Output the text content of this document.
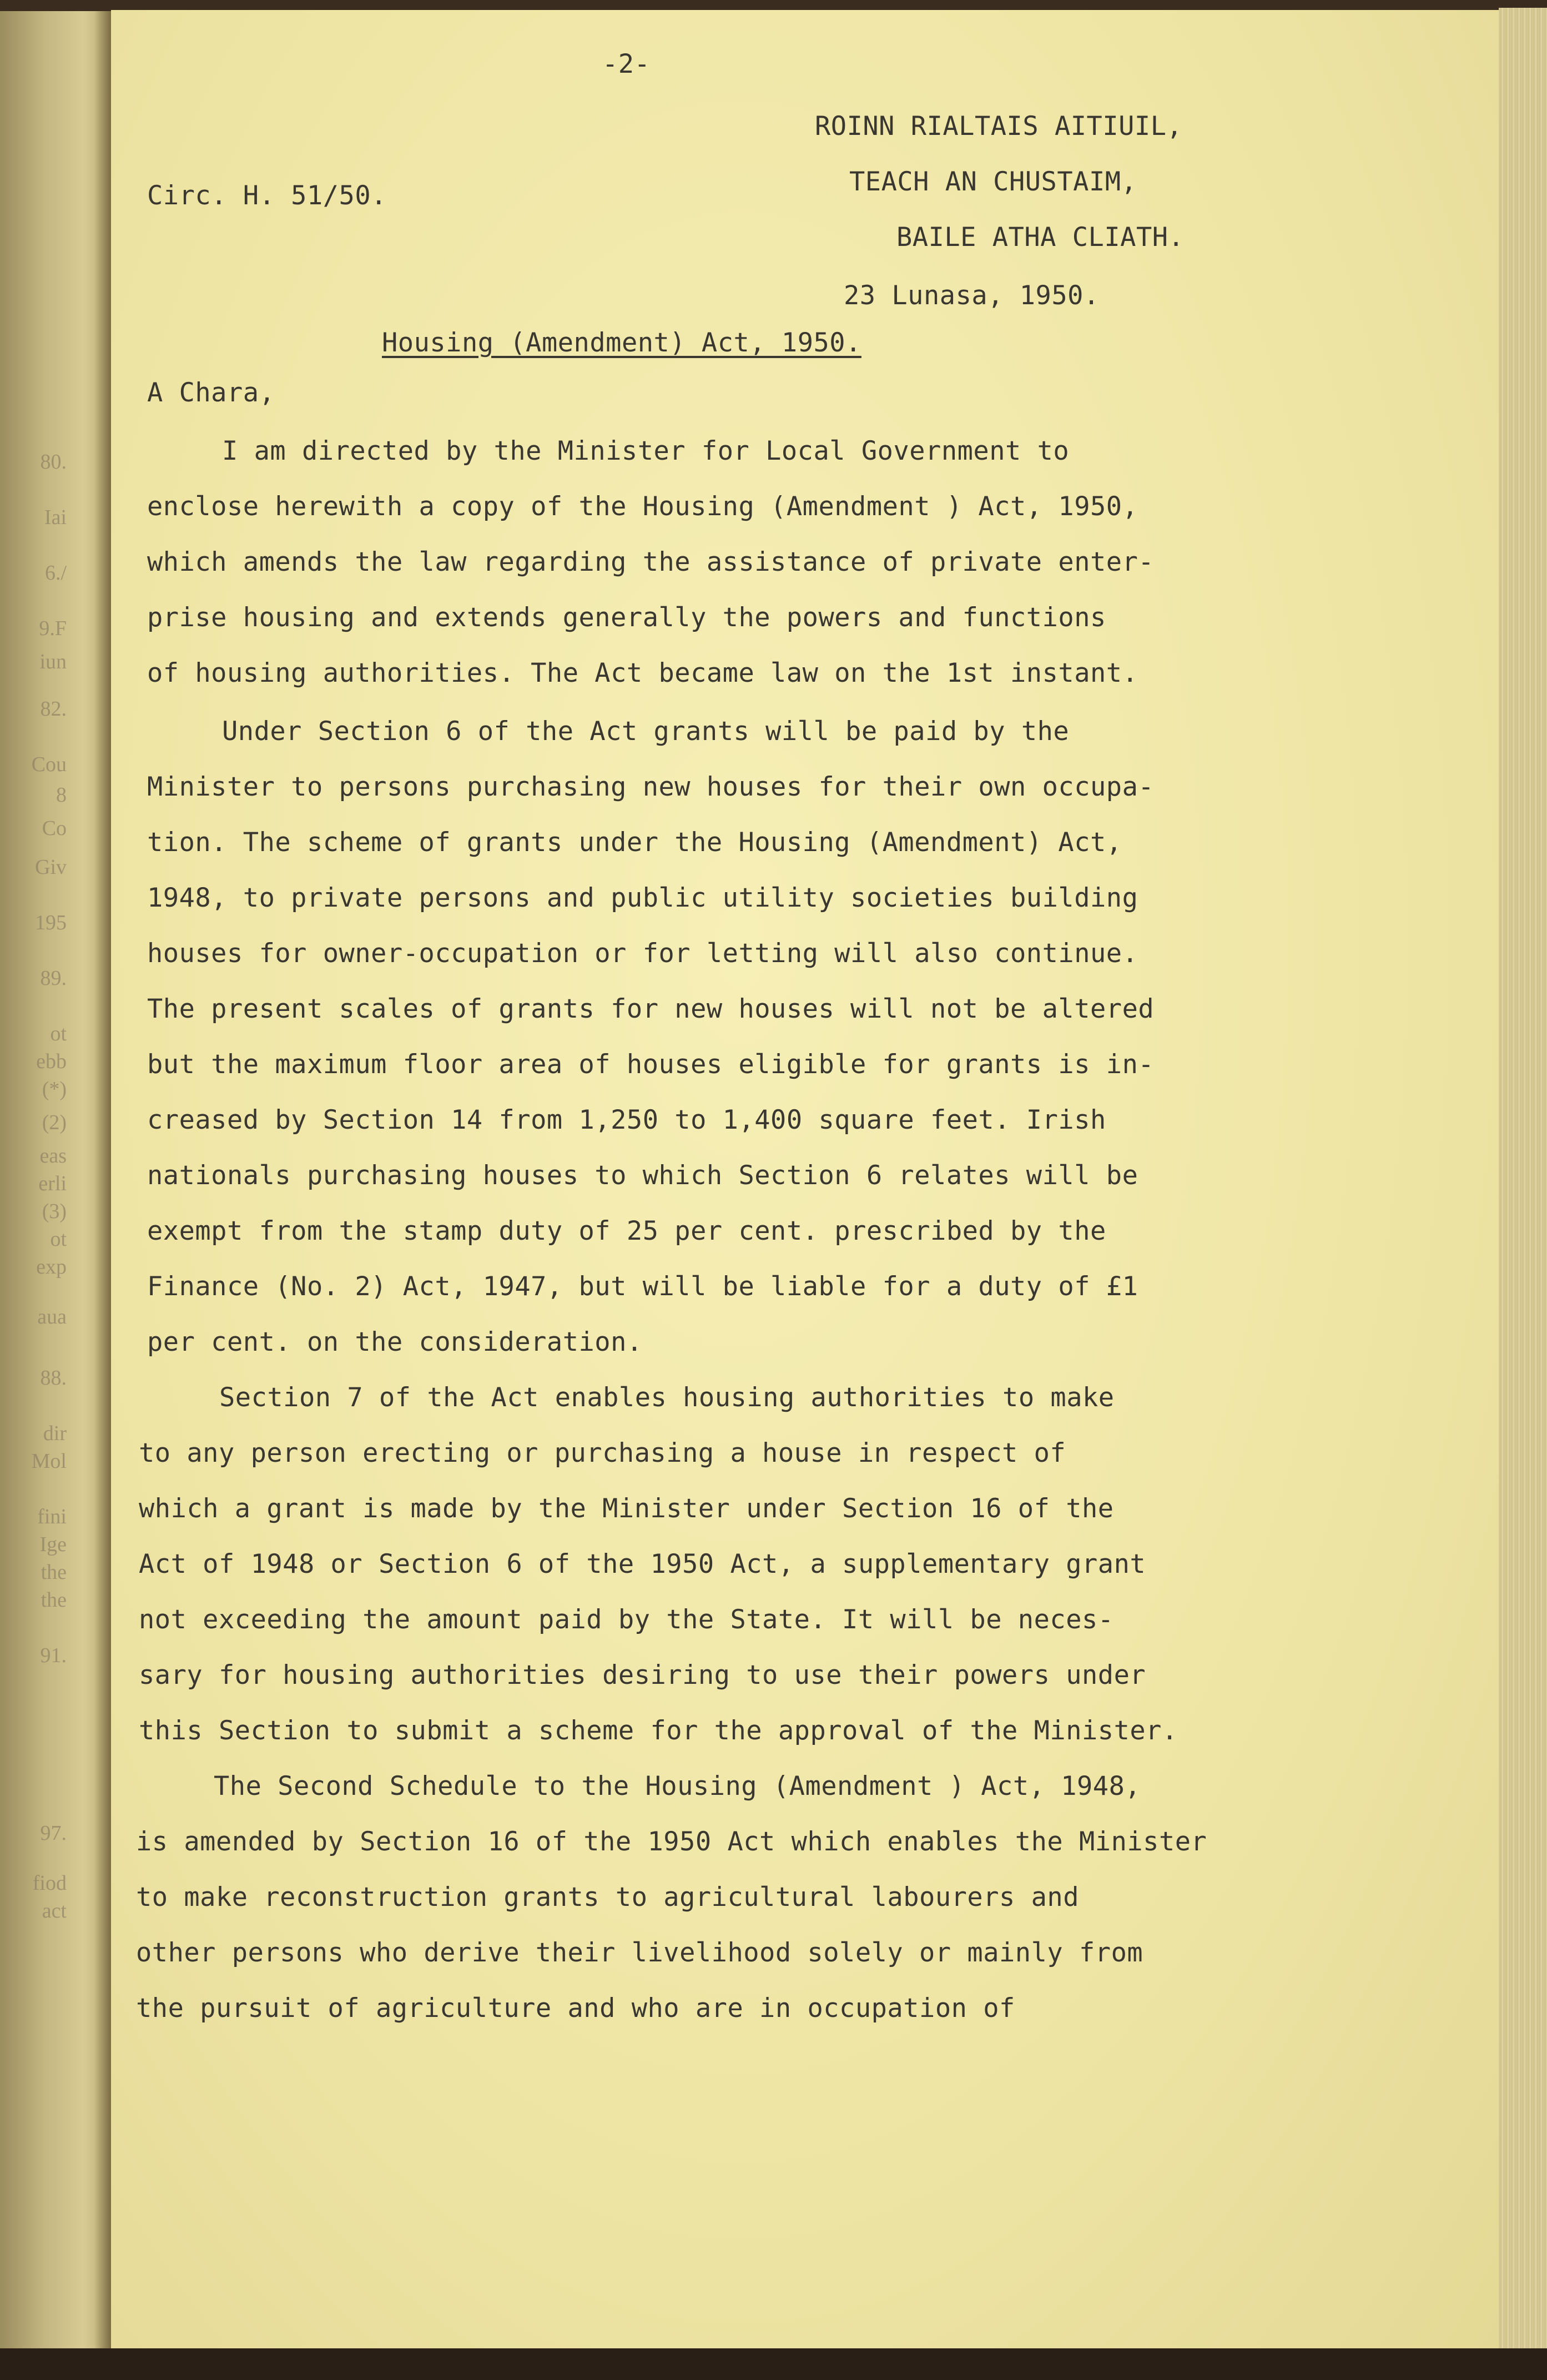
80.
Iai
6./
9.F
iun
82.
Cou
8
Co
Giv
195
89.
ot
ebb
(*)
(2)
eas
erli
(3)
ot
exp
aua
88.
dir
Mol
fini
Ige
the
the
91.
97.
fiod
act

-2-

ROINN RIALTAIS AITIUIL,

TEACH AN CHUSTAIM,

BAILE ATHA CLIATH.

Circ. H. 51/50.

23 Lunasa, 1950.

Housing (Amendment) Act, 1950.

A Chara,

I am directed by the Minister for Local Government to

enclose herewith a copy of the Housing (Amendment ) Act, 1950,

which amends the law regarding the assistance of private enter-

prise housing and extends generally the powers and functions

of housing authorities. The Act became law on the 1st instant.

Under Section 6 of the Act grants will be paid by the

Minister to persons purchasing new houses for their own occupa-

tion. The scheme of grants under the Housing (Amendment) Act,

1948, to private persons and public utility societies building

houses for owner-occupation or for letting will also continue.

The present scales of grants for new houses will not be altered

but the maximum floor area of houses eligible for grants is in-

creased by Section 14 from 1,250 to 1,400 square feet. Irish

nationals purchasing houses to which Section 6 relates will be

exempt from the stamp duty of 25 per cent. prescribed by the

Finance (No. 2) Act, 1947, but will be liable for a duty of £1

per cent. on the consideration.

Section 7 of the Act enables housing authorities to make

to any person erecting or purchasing a house in respect of

which a grant is made by the Minister under Section 16 of the

Act of 1948 or Section 6 of the 1950 Act, a supplementary grant

not exceeding the amount paid by the State. It will be neces-

sary for housing authorities desiring to use their powers under

this Section to submit a scheme for the approval of the Minister.

The Second Schedule to the Housing (Amendment ) Act, 1948,

is amended by Section 16 of the 1950 Act which enables the Minister

to make reconstruction grants to agricultural labourers and

other persons who derive their livelihood solely or mainly from

the pursuit of agriculture and who are in occupation of
